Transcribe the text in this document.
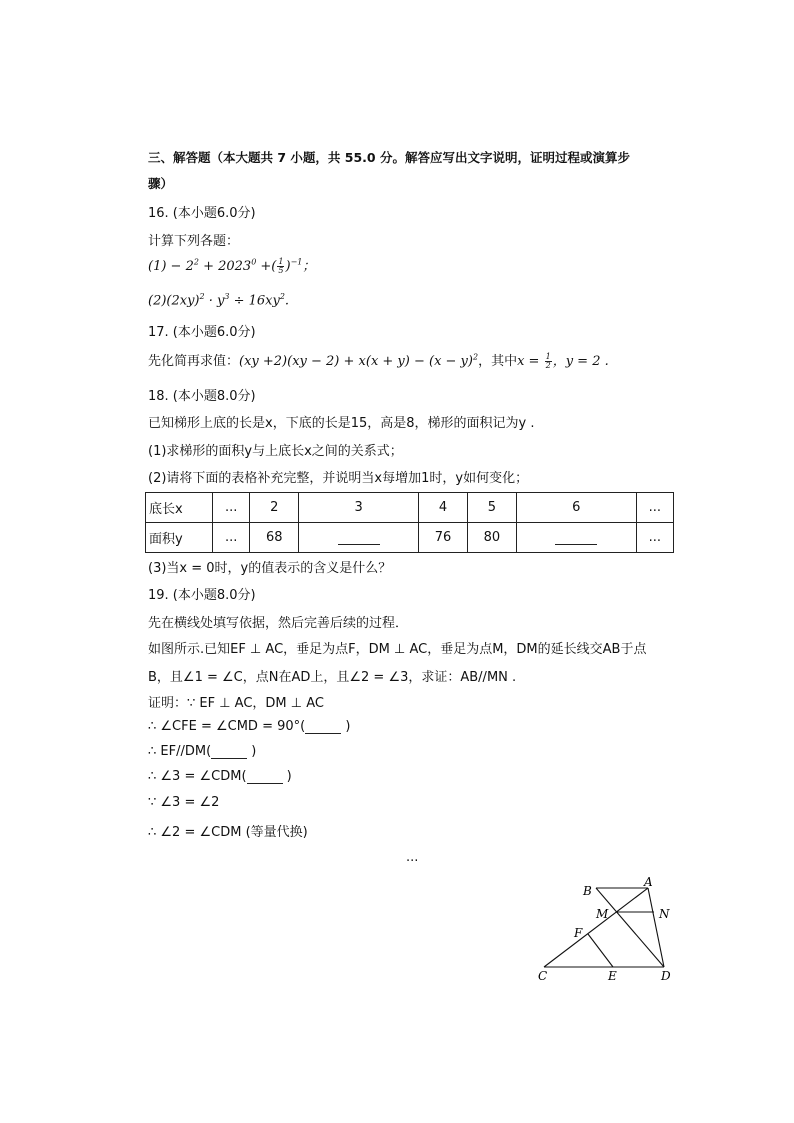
三、解答题（本大题共 7 小题，共 55.0 分。解答应写出文字说明，证明过程或演算步
骤）
16. (本小题6.0分)
计算下列各题：
$(1) - 2^2 + 2023^0$ +( $\frac{1}{5} )^{-1}$；
$(2)(2xy)^2 \cdot y^3 \div 16xy^2$.
17. (本小题6.0分)
先化简再求值：$(xy +2)(xy - 2) + x(x + y) - (x - y)^2$，其中$x = \frac{1}{2}$ ，y = 2 .
18. (本小题8.0分)
已知梯形上底的长是x，下底的长是15，高是8，梯形的面积记为y .
(1)求梯形的面积y与上底长x之间的关系式；
(2)请将下面的表格补充完整，并说明当x每增加1时，y如何变化；
底长x	...	2	3	4	5	6	...
面积y	...	68		76	80		...
(3)当x = 0时，y的值表示的含义是什么？
19. (本小题8.0分)
先在横线处填写依据，然后完善后续的过程．
如图所示.已知EF ⊥ AC，垂足为点F，DM ⊥ AC，垂足为点M，DM的延长线交AB于点
B，且∠1 = ∠C，点N在AD上，且∠2 = ∠3，求证：AB//MN .
证明：∵ EF ⊥ AC，DM ⊥ AC
∴ ∠CFE = ∠CMD = 90°(	)
∴ EF//DM(	)
∴ ∠3 = ∠CDM(	)
∵ ∠3 = ∠2
∴ ∠2 = ∠CDM (等量代换)
...
B
A
M	N
F
C	E	D
